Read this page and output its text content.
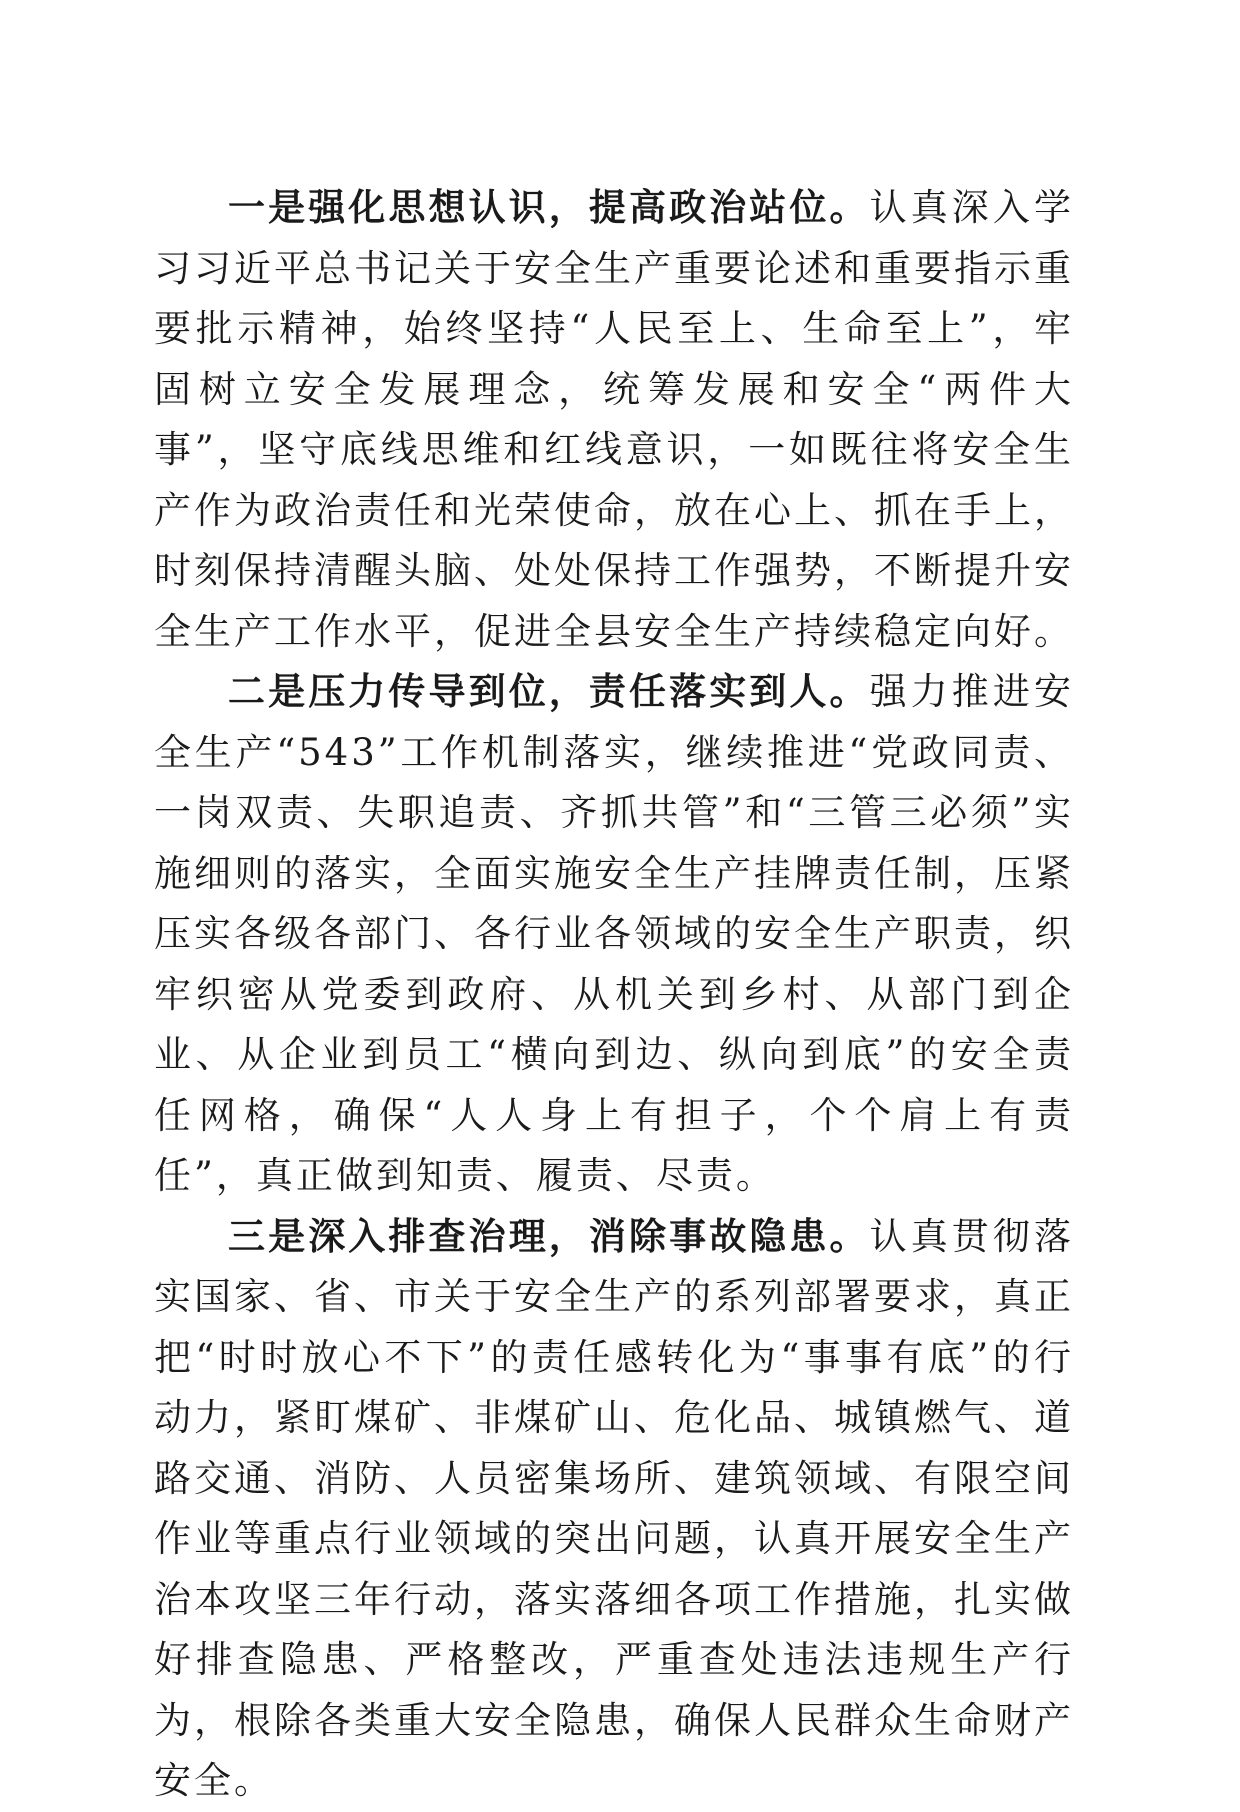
一是强化思想认识，提高政治站位。认真深入学习习近平总书记关于安全生产重要论述和重要指示重要批示精神，始终坚持“人民至上、生命至上”，牢固树立安全发展理念，统筹发展和安全“两件大事”，坚守底线思维和红线意识，一如既往将安全生产作为政治责任和光荣使命，放在心上、抓在手上，时刻保持清醒头脑、处处保持工作强势，不断提升安全生产工作水平，促进全县安全生产持续稳定向好。

二是压力传导到位，责任落实到人。强力推进安全生产“543”工作机制落实，继续推进“党政同责、一岗双责、失职追责、齐抓共管”和“三管三必须”实施细则的落实，全面实施安全生产挂牌责任制，压紧压实各级各部门、各行业各领域的安全生产职责，织牢织密从党委到政府、从机关到乡村、从部门到企业、从企业到员工“横向到边、纵向到底”的安全责任网格，确保“人人身上有担子，个个肩上有责任”，真正做到知责、履责、尽责。

三是深入排查治理，消除事故隐患。认真贯彻落实国家、省、市关于安全生产的系列部署要求，真正把“时时放心不下”的责任感转化为“事事有底”的行动力，紧盯煤矿、非煤矿山、危化品、城镇燃气、道路交通、消防、人员密集场所、建筑领域、有限空间作业等重点行业领域的突出问题，认真开展安全生产治本攻坚三年行动，落实落细各项工作措施，扎实做好排查隐患、严格整改，严重查处违法违规生产行为，根除各类重大安全隐患，确保人民群众生命财产安全。
